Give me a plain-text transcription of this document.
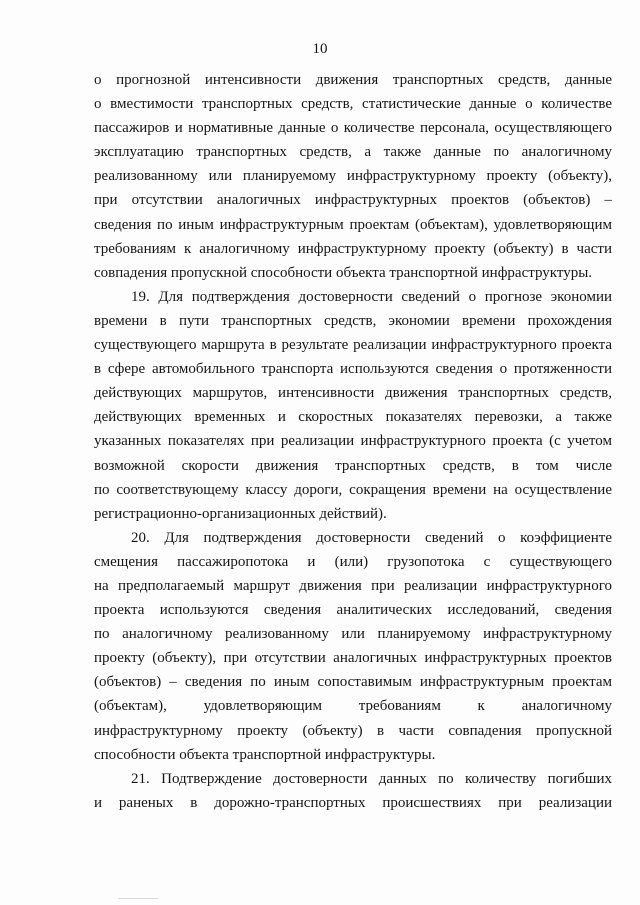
10
о прогнозной интенсивности движения транспортных средств, данные
о вместимости транспортных средств, статистические данные о количестве
пассажиров и нормативные данные о количестве персонала, осуществляющего
эксплуатацию транспортных средств, а также данные по аналогичному
реализованному или планируемому инфраструктурному проекту (объекту),
при отсутствии аналогичных инфраструктурных проектов (объектов) –
сведения по иным инфраструктурным проектам (объектам), удовлетворяющим
требованиям к аналогичному инфраструктурному проекту (объекту) в части
совпадения пропускной способности объекта транспортной инфраструктуры.
19. Для подтверждения достоверности сведений о прогнозе экономии
времени в пути транспортных средств, экономии времени прохождения
существующего маршрута в результате реализации инфраструктурного проекта
в сфере автомобильного транспорта используются сведения о протяженности
действующих маршрутов, интенсивности движения транспортных средств,
действующих временных и скоростных показателях перевозки, а также
указанных показателях при реализации инфраструктурного проекта (с учетом
возможной скорости движения транспортных средств, в том числе
по соответствующему классу дороги, сокращения времени на осуществление
регистрационно-организационных действий).
20. Для подтверждения достоверности сведений о коэффициенте
смещения пассажиропотока и (или) грузопотока с существующего
на предполагаемый маршрут движения при реализации инфраструктурного
проекта используются сведения аналитических исследований, сведения
по аналогичному реализованному или планируемому инфраструктурному
проекту (объекту), при отсутствии аналогичных инфраструктурных проектов
(объектов) – сведения по иным сопоставимым инфраструктурным проектам
(объектам), удовлетворяющим требованиям к аналогичному
инфраструктурному проекту (объекту) в части совпадения пропускной
способности объекта транспортной инфраструктуры.
21. Подтверждение достоверности данных по количеству погибших
и раненых в дорожно-транспортных происшествиях при реализации
